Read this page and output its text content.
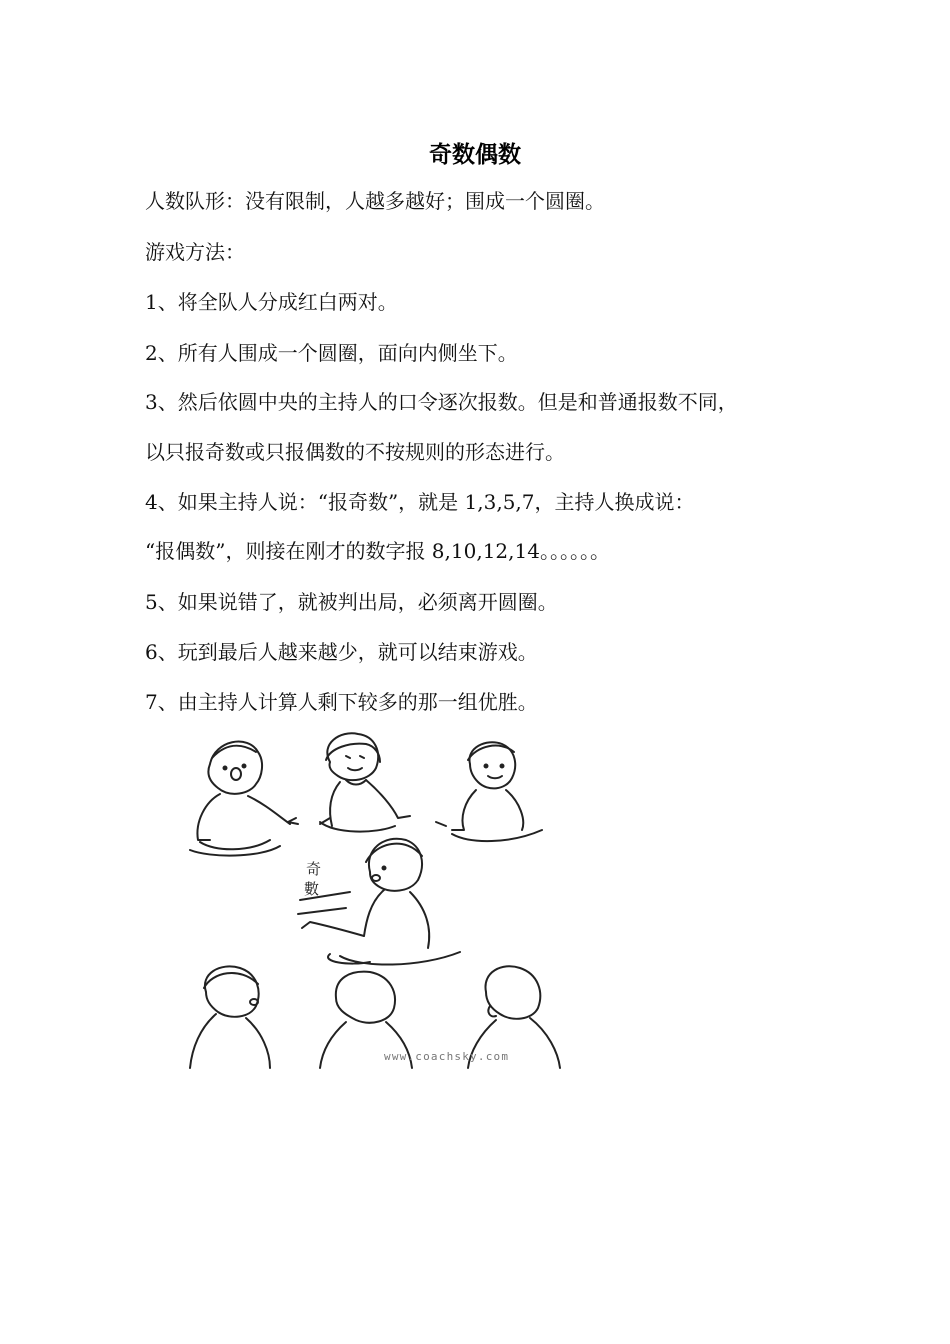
奇数偶数
人数队形：没有限制，人越多越好；围成一个圆圈。
游戏方法：
1、将全队人分成红白两对。
2、所有人围成一个圆圈，面向内侧坐下。
3、然后依圆中央的主持人的口令逐次报数。但是和普通报数不同，
以只报奇数或只报偶数的不按规则的形态进行。
4、如果主持人说：“报奇数”，就是 1,3,5,7，主持人换成说：
“报偶数”，则接在刚才的数字报 8,10,12,14。。。。。。
5、如果说错了，就被判出局，必须离开圆圈。
6、玩到最后人越来越少，就可以结束游戏。
7、由主持人计算人剩下较多的那一组优胜。
奇
數
www.coachsky.com
